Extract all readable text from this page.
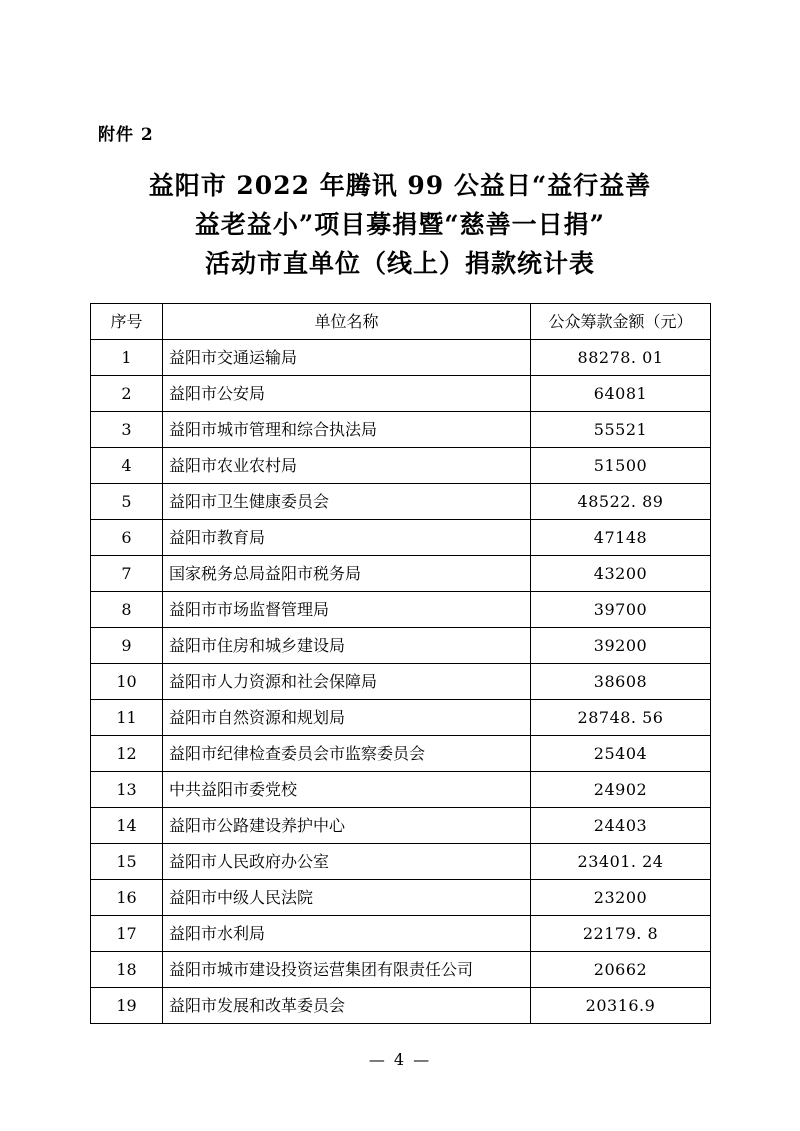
附件 2
益阳市 2022 年腾讯 99 公益日“益行益善
益老益小”项目募捐暨“慈善一日捐”
活动市直单位（线上）捐款统计表
序号	单位名称	公众筹款金额（元）
1	益阳市交通运输局	88278. 01
2	益阳市公安局	64081
3	益阳市城市管理和综合执法局	55521
4	益阳市农业农村局	51500
5	益阳市卫生健康委员会	48522. 89
6	益阳市教育局	47148
7	国家税务总局益阳市税务局	43200
8	益阳市市场监督管理局	39700
9	益阳市住房和城乡建设局	39200
10	益阳市人力资源和社会保障局	38608
11	益阳市自然资源和规划局	28748. 56
12	益阳市纪律检查委员会市监察委员会	25404
13	中共益阳市委党校	24902
14	益阳市公路建设养护中心	24403
15	益阳市人民政府办公室	23401. 24
16	益阳市中级人民法院	23200
17	益阳市水利局	22179. 8
18	益阳市城市建设投资运营集团有限责任公司	20662
19	益阳市发展和改革委员会	20316.9
— 4 —
